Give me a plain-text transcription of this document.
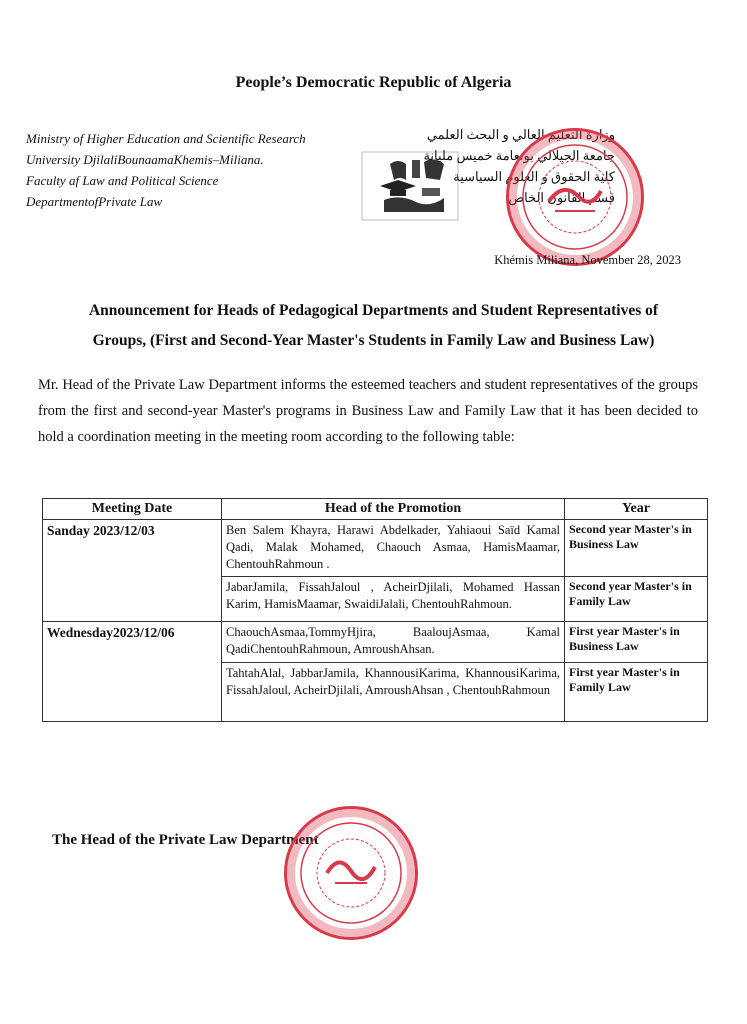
People’s Democratic Republic of Algeria
Ministry of Higher Education and Scientific Research
University DjilaliBounaamaKhemis–Miliana.
Faculty af Law and Political Science
DepartmentofPrivate Law
وزارة التعليم العالي و البحث العلمي
جامعة الجيلالي بونعامة خميس مليانة
كلية الحقوق و العلوم السياسية
قسم القانون الخاص
Khémis Miliana, November 28, 2023
Announcement for Heads of Pedagogical Departments and Student Representatives of
Groups, (First and Second-Year Master's Students in Family Law and Business Law)
Mr. Head of the Private Law Department informs the esteemed teachers and student representatives of the groups from the first and second-year Master's programs in Business Law and Family Law that it has been decided to hold a coordination meeting in the meeting room according to the following table:
Meeting Date	Head of the Promotion	Year
Sanday 2023/12/03	Ben Salem Khayra, Harawi Abdelkader, Yahiaoui Saïd Kamal Qadi, Malak Mohamed, Chaouch Asmaa, HamisMaamar, ChentouhRahmoun .	Second year Master's in Business Law
	JabarJamila, FissahJaloul , AcheirDjilali, Mohamed Hassan Karim, HamisMaamar, SwaidiJalali, ChentouhRahmoun.	Second year Master's in Family Law
Wednesday2023/12/06	ChaouchAsmaa,TommyHjira, BaaloujAsmaa, Kamal QadiChentouhRahmoun, AmroushAhsan.	First year Master's in Business Law
	TahtahAlal, JabbarJamila, KhannousiKarima, KhannousiKarima, FissahJaloul, AcheirDjilali, AmroushAhsan , ChentouhRahmoun	First year Master's in Family Law
The Head of the Private Law Department
